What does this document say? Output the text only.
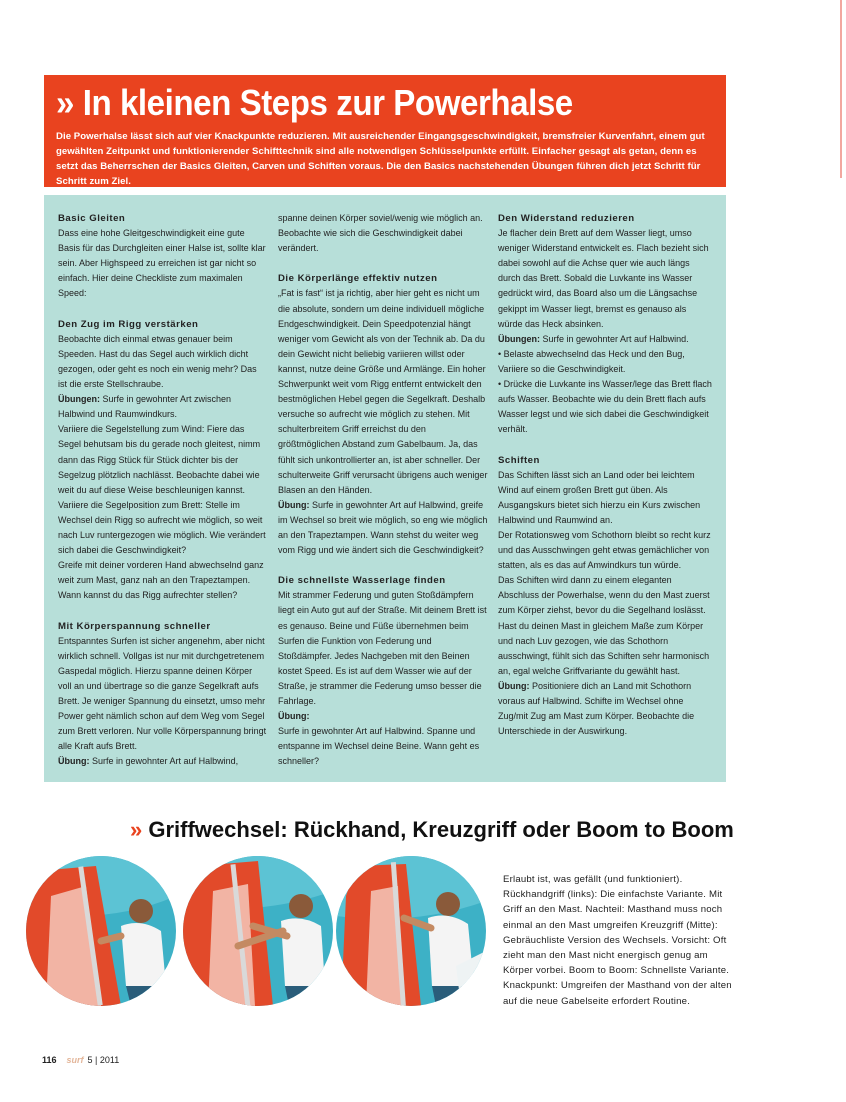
» In kleinen Steps zur Powerhalse

Die Powerhalse lässt sich auf vier Knackpunkte reduzieren. Mit ausreichender Eingangsgeschwindigkeit, bremsfreier Kurvenfahrt, einem gut gewählten Zeitpunkt und funktionierender Schifttechnik sind alle notwendigen Schlüsselpunkte erfüllt. Einfacher gesagt als getan, denn es setzt das Beherrschen der Basics Gleiten, Carven und Schiften voraus. Die den Basics nachstehenden Übungen führen dich jetzt Schritt für Schritt zum Ziel.

Basic Gleiten

Dass eine hohe Gleitgeschwindigkeit eine gute Basis für das Durchgleiten einer Halse ist, sollte klar sein. Aber Highspeed zu erreichen ist gar nicht so einfach. Hier deine Checkliste zum maximalen Speed:

Den Zug im Rigg verstärken

Beobachte dich einmal etwas genauer beim Speeden. Hast du das Segel auch wirklich dicht gezogen, oder geht es noch ein wenig mehr? Das ist die erste Stellschraube.

Übungen: Surfe in gewohnter Art zwischen Halbwind und Raumwindkurs.

Variiere die Segelstellung zum Wind: Fiere das Segel behutsam bis du gerade noch gleitest, nimm dann das Rigg Stück für Stück dichter bis der Segelzug plötzlich nachlässt. Beobachte dabei wie weit du auf diese Weise beschleunigen kannst.

Variiere die Segelposition zum Brett: Stelle im Wechsel dein Rigg so aufrecht wie möglich, so weit nach Luv runtergezogen wie möglich. Wie verändert sich dabei die Geschwindigkeit?

Greife mit deiner vorderen Hand abwechselnd ganz weit zum Mast, ganz nah an den Trapeztampen. Wann kannst du das Rigg aufrechter stellen?

Mit Körperspannung schneller

Entspanntes Surfen ist sicher angenehm, aber nicht wirklich schnell. Vollgas ist nur mit durchgetretenem Gaspedal möglich. Hierzu spanne deinen Körper voll an und übertrage so die ganze Segelkraft aufs Brett. Je weniger Spannung du einsetzt, umso mehr Power geht nämlich schon auf dem Weg vom Segel zum Brett verloren. Nur volle Körperspannung bringt alle Kraft aufs Brett.

Übung: Surfe in gewohnter Art auf Halbwind,

spanne deinen Körper soviel/wenig wie möglich an. Beobachte wie sich die Geschwindigkeit dabei verändert.

Die Körperlänge effektiv nutzen

„Fat is fast“ ist ja richtig, aber hier geht es nicht um die absolute, sondern um deine individuell mögliche Endgeschwindigkeit. Dein Speedpotenzial hängt weniger vom Gewicht als von der Technik ab. Da du dein Gewicht nicht beliebig variieren willst oder kannst, nutze deine Größe und Armlänge. Ein hoher Schwerpunkt weit vom Rigg entfernt entwickelt den bestmöglichen Hebel gegen die Segelkraft. Deshalb versuche so aufrecht wie möglich zu stehen. Mit schulterbreitem Griff erreichst du den größtmöglichen Abstand zum Gabelbaum. Ja, das fühlt sich unkontrollierter an, ist aber schneller. Der schulterweite Griff verursacht übrigens auch weniger Blasen an den Händen.

Übung: Surfe in gewohnter Art auf Halbwind, greife im Wechsel so breit wie möglich, so eng wie möglich an den Trapeztampen. Wann stehst du weiter weg vom Rigg und wie ändert sich die Geschwindigkeit?

Die schnellste Wasserlage finden

Mit strammer Federung und guten Stoßdämpfern liegt ein Auto gut auf der Straße. Mit deinem Brett ist es genauso. Beine und Füße übernehmen beim Surfen die Funktion von Federung und Stoßdämpfer. Jedes Nachgeben mit den Beinen kostet Speed. Es ist auf dem Wasser wie auf der Straße, je strammer die Federung umso besser die Fahrlage.

Übung:

Surfe in gewohnter Art auf Halbwind. Spanne und entspanne im Wechsel deine Beine. Wann geht es schneller?

Den Widerstand reduzieren

Je flacher dein Brett auf dem Wasser liegt, umso weniger Widerstand entwickelt es. Flach bezieht sich dabei sowohl auf die Achse quer wie auch längs durch das Brett. Sobald die Luvkante ins Wasser gedrückt wird, das Board also um die Längsachse gekippt im Wasser liegt, bremst es genauso als würde das Heck absinken.

Übungen: Surfe in gewohnter Art auf Halbwind.

• Belaste abwechselnd das Heck und den Bug, Variiere so die Geschwindigkeit.

• Drücke die Luvkante ins Wasser/lege das Brett flach aufs Wasser. Beobachte wie du dein Brett flach aufs Wasser legst und wie sich dabei die Geschwindigkeit verhält.

Schiften

Das Schiften lässt sich an Land oder bei leichtem Wind auf einem großen Brett gut üben. Als Ausgangskurs bietet sich hierzu ein Kurs zwischen Halbwind und Raumwind an.

Der Rotationsweg vom Schothorn bleibt so recht kurz und das Ausschwingen geht etwas gemächlicher von statten, als es das auf Amwindkurs tun würde.

Das Schiften wird dann zu einem eleganten Abschluss der Powerhalse, wenn du den Mast zuerst zum Körper ziehst, bevor du die Segelhand loslässt. Hast du deinen Mast in gleichem Maße zum Körper und nach Luv gezogen, wie das Schothorn ausschwingt, fühlt sich das Schiften sehr harmonisch an, egal welche Griffvariante du gewählt hast.

Übung: Positioniere dich an Land mit Schothorn voraus auf Halbwind. Schifte im Wechsel ohne Zug/mit Zug am Mast zum Körper. Beobachte die Unterschiede in der Auswirkung.

» Griffwechsel: Rückhand, Kreuzgriff oder Boom to Boom

Erlaubt ist, was gefällt (und funktioniert). Rückhandgriff (links): Die einfachste Variante. Mit Griff an den Mast. Nachteil: Masthand muss noch einmal an den Mast umgreifen Kreuzgriff (Mitte): Gebräuchliste Version des Wechsels. Vorsicht: Oft zieht man den Mast nicht energisch genug am Körper vorbei. Boom to Boom: Schnellste Variante. Knackpunkt: Umgreifen der Masthand von der alten auf die neue Gabelseite erfordert Routine.

116 surf 5 | 2011
